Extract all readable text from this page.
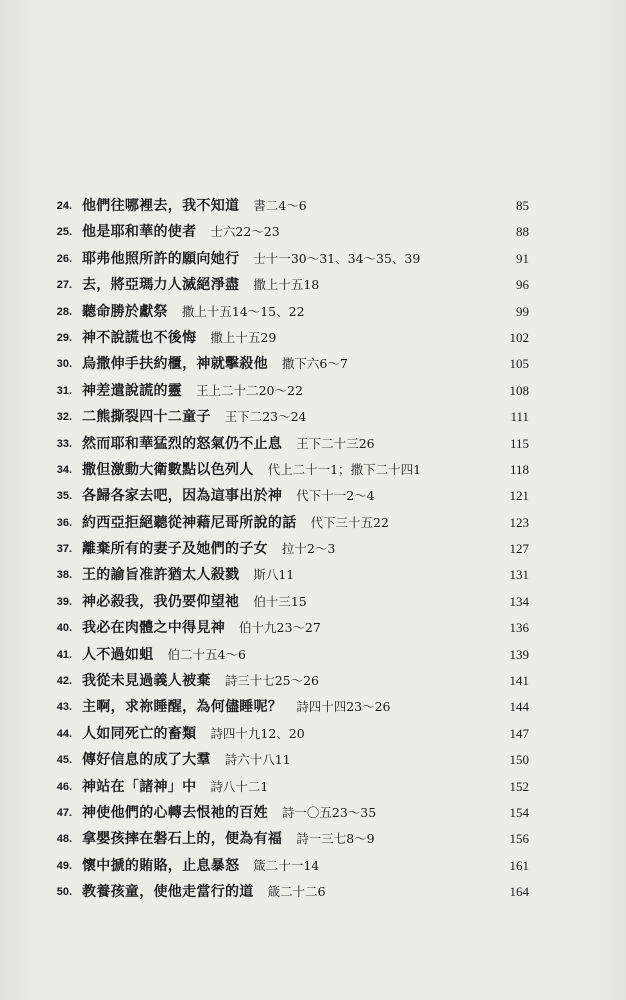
24. 他們往哪裡去，我不知道 書二4～6	85
25. 他是耶和華的使者 士六22～23	88
26. 耶弗他照所許的願向她行 士十一30～31、34～35、39	91
27. 去，將亞瑪力人滅絕淨盡 撒上十五18	96
28. 聽命勝於獻祭 撒上十五14～15、22	99
29. 神不說謊也不後悔 撒上十五29	102
30. 烏撒伸手扶約櫃，神就擊殺他 撒下六6～7	105
31. 神差遣說謊的靈 王上二十二20～22	108
32. 二熊撕裂四十二童子 王下二23～24	111
33. 然而耶和華猛烈的怒氣仍不止息 王下二十三26	115
34. 撒但激動大衛數點以色列人 代上二十一1；撒下二十四1	118
35. 各歸各家去吧，因為這事出於神 代下十一2～4	121
36. 約西亞拒絕聽從神藉尼哥所說的話 代下三十五22	123
37. 離棄所有的妻子及她們的子女 拉十2～3	127
38. 王的諭旨准許猶太人殺戮 斯八11	131
39. 神必殺我，我仍要仰望祂 伯十三15	134
40. 我必在肉體之中得見神 伯十九23～27	136
41. 人不過如蛆 伯二十五4～6	139
42. 我從未見過義人被棄 詩三十七25～26	141
43. 主啊，求祢睡醒，為何儘睡呢？ 詩四十四23～26	144
44. 人如同死亡的畜類 詩四十九12、20	147
45. 傳好信息的成了大羣 詩六十八11	150
46. 神站在「諸神」中 詩八十二1	152
47. 神使他們的心轉去恨祂的百姓 詩一〇五23～35	154
48. 拿嬰孩摔在磐石上的，便為有福 詩一三七8～9	156
49. 懷中搋的賄賂，止息暴怒 箴二十一14	161
50. 教養孩童，使他走當行的道 箴二十二6	164
